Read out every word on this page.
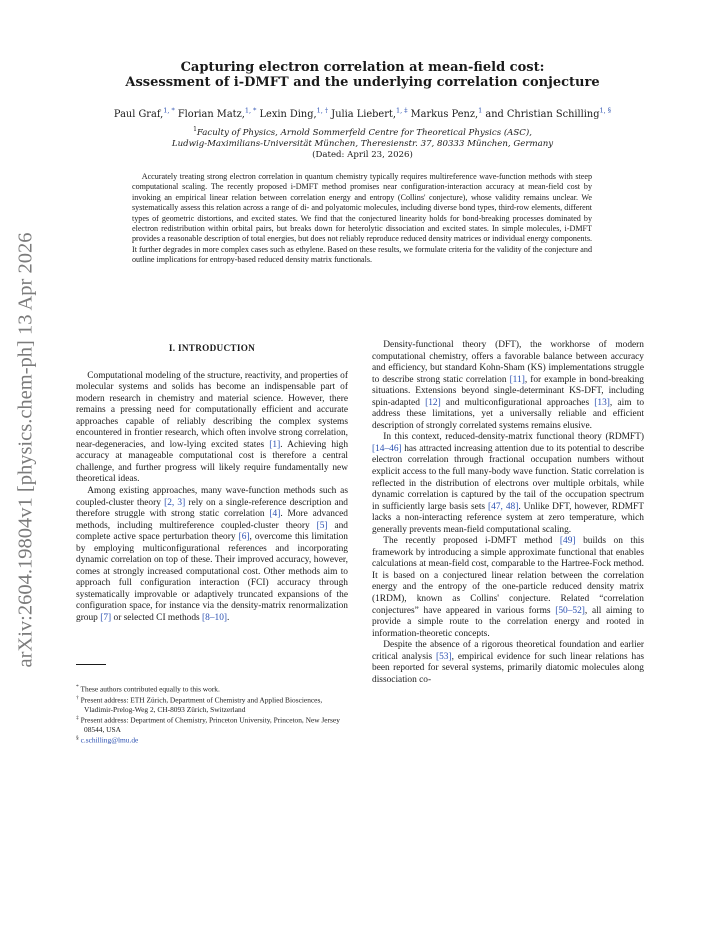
arXiv:2604.19804v1 [physics.chem-ph] 13 Apr 2026
Capturing electron correlation at mean-field cost:
Assessment of i-DMFT and the underlying correlation conjecture
Paul Graf,$^{1, *}$ Florian Matz,$^{1, *}$ Lexin Ding,$^{1, \dagger}$ Julia Liebert,$^{1, \ddagger}$ Markus Penz,$^1$ and Christian Schilling$^{1, \S}$
$^1$Faculty of Physics, Arnold Sommerfeld Centre for Theoretical Physics (ASC),
Ludwig-Maximilians-Universität München, Theresienstr. 37, 80333 München, Germany
(Dated: April 23, 2026)

Accurately treating strong electron correlation in quantum chemistry typically requires multireference wave-function methods with steep computational scaling. The recently proposed i-DMFT method promises near configuration-interaction accuracy at mean-field cost by invoking an empirical linear relation between correlation energy and entropy (Collins' conjecture), whose validity remains unclear. We systematically assess this relation across a range of di- and polyatomic molecules, including diverse bond types, third-row elements, different types of geometric distortions, and excited states. We find that the conjectured linearity holds for bond-breaking processes dominated by electron redistribution within orbital pairs, but breaks down for heterolytic dissociation and excited states. In simple molecules, i-DMFT provides a reasonable description of total energies, but does not reliably reproduce reduced density matrices or individual energy components. It further degrades in more complex cases such as ethylene. Based on these results, we formulate criteria for the validity of the conjecture and outline implications for entropy-based reduced density matrix functionals.

I. INTRODUCTION

Computational modeling of the structure, reactivity, and properties of molecular systems and solids has become an indispensable part of modern research in chemistry and material science. However, there remains a pressing need for computationally efficient and accurate approaches capable of reliably describing the complex systems encountered in frontier research, which often involve strong correlation, near-degeneracies, and low-lying excited states [1]. Achieving high accuracy at manageable computational cost is therefore a central challenge, and further progress will likely require fundamentally new theoretical ideas.

Among existing approaches, many wave-function methods such as coupled-cluster theory [2, 3] rely on a single-reference description and therefore struggle with strong static correlation [4]. More advanced methods, including multireference coupled-cluster theory [5] and complete active space perturbation theory [6], overcome this limitation by employing multiconfigurational references and incorporating dynamic correlation on top of these. Their improved accuracy, however, comes at strongly increased computational cost. Other methods aim to approach full configuration interaction (FCI) accuracy through systematically improvable or adaptively truncated expansions of the configuration space, for instance via the density-matrix renormalization group [7] or selected CI methods [8–10].

Density-functional theory (DFT), the workhorse of modern computational chemistry, offers a favorable balance between accuracy and efficiency, but standard Kohn-Sham (KS) implementations struggle to describe strong static correlation [11], for example in bond-breaking situations. Extensions beyond single-determinant KS-DFT, including spin-adapted [12] and multiconfigurational approaches [13], aim to address these limitations, yet a universally reliable and efficient description of strongly correlated systems remains elusive.

In this context, reduced-density-matrix functional theory (RDMFT) [14–46] has attracted increasing attention due to its potential to describe electron correlation through fractional occupation numbers without explicit access to the full many-body wave function. Static correlation is reflected in the distribution of electrons over multiple orbitals, while dynamic correlation is captured by the tail of the occupation spectrum in sufficiently large basis sets [47, 48]. Unlike DFT, however, RDMFT lacks a non-interacting reference system at zero temperature, which generally prevents mean-field computational scaling.

The recently proposed i-DMFT method [49] builds on this framework by introducing a simple approximate functional that enables calculations at mean-field cost, comparable to the Hartree-Fock method. It is based on a conjectured linear relation between the correlation energy and the entropy of the one-particle reduced density matrix (1RDM), known as Collins' conjecture. Related “correlation conjectures” have appeared in various forms [50–52], all aiming to provide a simple route to the correlation energy and rooted in information-theoretic concepts.

Despite the absence of a rigorous theoretical foundation and earlier critical analysis [53], empirical evidence for such linear relations has been reported for several systems, primarily diatomic molecules along dissociation co-

* These authors contributed equally to this work.
† Present address: ETH Zürich, Department of Chemistry and Applied Biosciences, Vladimir-Prelog-Weg 2, CH-8093 Zürich, Switzerland
‡ Present address: Department of Chemistry, Princeton University, Princeton, New Jersey 08544, USA
§ c.schilling@lmu.de
